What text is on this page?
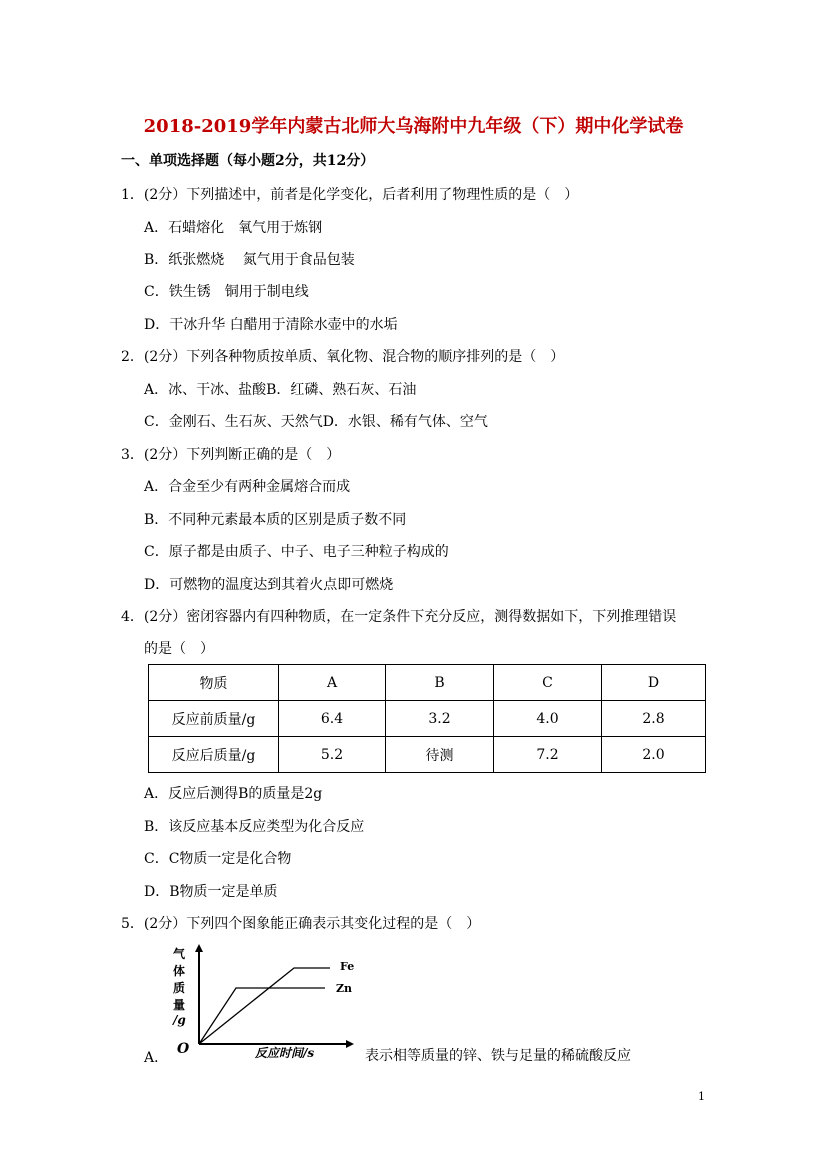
2018-2019学年内蒙古北师大乌海附中九年级（下）期中化学试卷
一、单项选择题（每小题2分，共12分）
1．(2分）下列描述中，前者是化学变化，后者利用了物理性质的是（　）
A．石蜡熔化　氧气用于炼钢
B．纸张燃烧　 氮气用于食品包装
C．铁生锈　铜用于制电线
D．干冰升华 白醋用于清除水壶中的水垢
2．(2分）下列各种物质按单质、氧化物、混合物的顺序排列的是（　）
A．冰、干冰、盐酸B．红磷、熟石灰、石油
C．金刚石、生石灰、天然气D．水银、稀有气体、空气
3．(2分）下列判断正确的是（　）
A．合金至少有两种金属熔合而成
B．不同种元素最本质的区别是质子数不同
C．原子都是由质子、中子、电子三种粒子构成的
D．可燃物的温度达到其着火点即可燃烧
4．(2分）密闭容器内有四种物质，在一定条件下充分反应，测得数据如下，下列推理错误
的是（　）
物质	A	B	C	D
反应前质量/g	6.4	3.2	4.0	2.8
反应后质量/g	5.2	待测	7.2	2.0
A．反应后测得B的质量是2g
B．该反应基本反应类型为化合反应
C．C物质一定是化合物
D．B物质一定是单质
5．(2分）下列四个图象能正确表示其变化过程的是（　）
气
体
质
量
/g
O	反应时间/s
Fe
Zn
A．	表示相等质量的锌、铁与足量的稀硫酸反应
1
